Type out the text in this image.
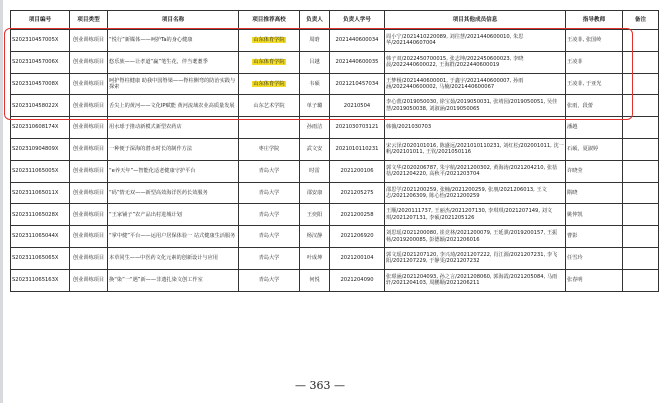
项目编号	项目类型	项目名称	项目推荐高校	负责人	负责人学号	项目其他成员信息	指导教师	备注
S202310457005X	创业训练项目	“悦行”新媒体——呵护Ta的身心健康	山东体育学院	周晗	2021440600034	周小宁/2021410220089, 刘往慧/2021440600010, 朱思华/2021440607004	王凌菲, 张国岭	
S202310457006X	创业训练项目	悠乐族——让孝道“赢”笔生花，伴当耄耋季	山东体育学院	吕越	2021440600035	韩子双/2022450700015, 张志坤/2022450600023, 李晓晨/2022440600022, 王海群/2022440600019	王凌菲	
S202310457008X	创业训练项目	呵护脊柱健康 助我中国脊梁——脊柱侧弯的防治实践与探索	山东体育学院	韦硕	2021210457034	王梦杨/2021440600001, 于鑫宇/2021440600007, 孙雨涵/2022440600002, 马楠/2021440600067	王凌菲, 于亚光	
S202310458022X	创业训练项目	舌尖上的黄河——文化IP赋能 黄河流域农业高质量发展	山东艺术学院	单子璐	20210504	李心蕾/2019050030, 徐宝茹/2019050031, 张靖园/2019050051, 吴佳慧/2019050038, 刘淑涵/2019050065	张雨，段蕾	
S202310608174X	创业训练项目	用水球于推动新模式新型农药店		孙雨洁	2021030703121	韩薇/2021030703	潘越	
S202310904809X	创业训练项目	一种便于深海的潜水时长的制作方法	枣庄学院	武文安	2021010110231	宋云泽/2020101016, 陈盛远/2021010110231, 刘红松/202001011, 沈一帆/202101011, 王钦/2021050116	石硕，夏淑婷	
S202311065005X	创业训练项目	“e养天年”—智能化适老健康守护平台	青岛大学	时雷	2021200106	郭文华/2020206787, 朱宇航/2021200302, 黄海涛/2021204210, 张蓓蓓/2021204220, 高秋平/2021203704	许晓莹	
S202311065011X	创业训练项目	“码”情无双——新型高效海洋医药长效服务	青岛大学	邵安康	2021205275	邵思学/2021200259, 张楠/2021200259, 张朋/2021206013, 王文志/2021206309, 陈心怡/2021200259	隋晓	
S202311065028X	创业训练项目	“王家铺子”农产品出村进城计划	青岛大学	王奕阳	2021200258	王顺/2020111737, 王丽杰/2021207130, 李琪琪/2021207149, 刘文琪/2021207131, 李硕/2021205126	姚仲凯	
S202311065044X	创业训练项目	“掌中健”平台——运用户居保体验一 站式健康生活服务	青岛大学	杨汉静	2021206920	刘思瑶/2021200080, 崔竞林/2021200079, 王延骐/2019200157, 王振杨/2019200085, 彭德颖/2021206016	曹影	
S202311065065X	创业训练项目	本草同生——中医药文化元素的创新设计与应用	青岛大学	叶成坤	2021200104	郭文瑶/2021207120, 李兴琦/2021207222, 肖江源/2021207231, 李飞阳/2021207229, 于静雯/2021207232	任雪玲	
S202311065163X	创业训练项目	换“染”一“遇”新——非遗扎染文创工作室	青岛大学	何悦	2021204090	张璟涵/2021204093, 孙之言/2021208060, 郭海霞/2021205084, 马雨轩/2021204103, 周鹏顺/2021206211	张春明	
— 363 —
